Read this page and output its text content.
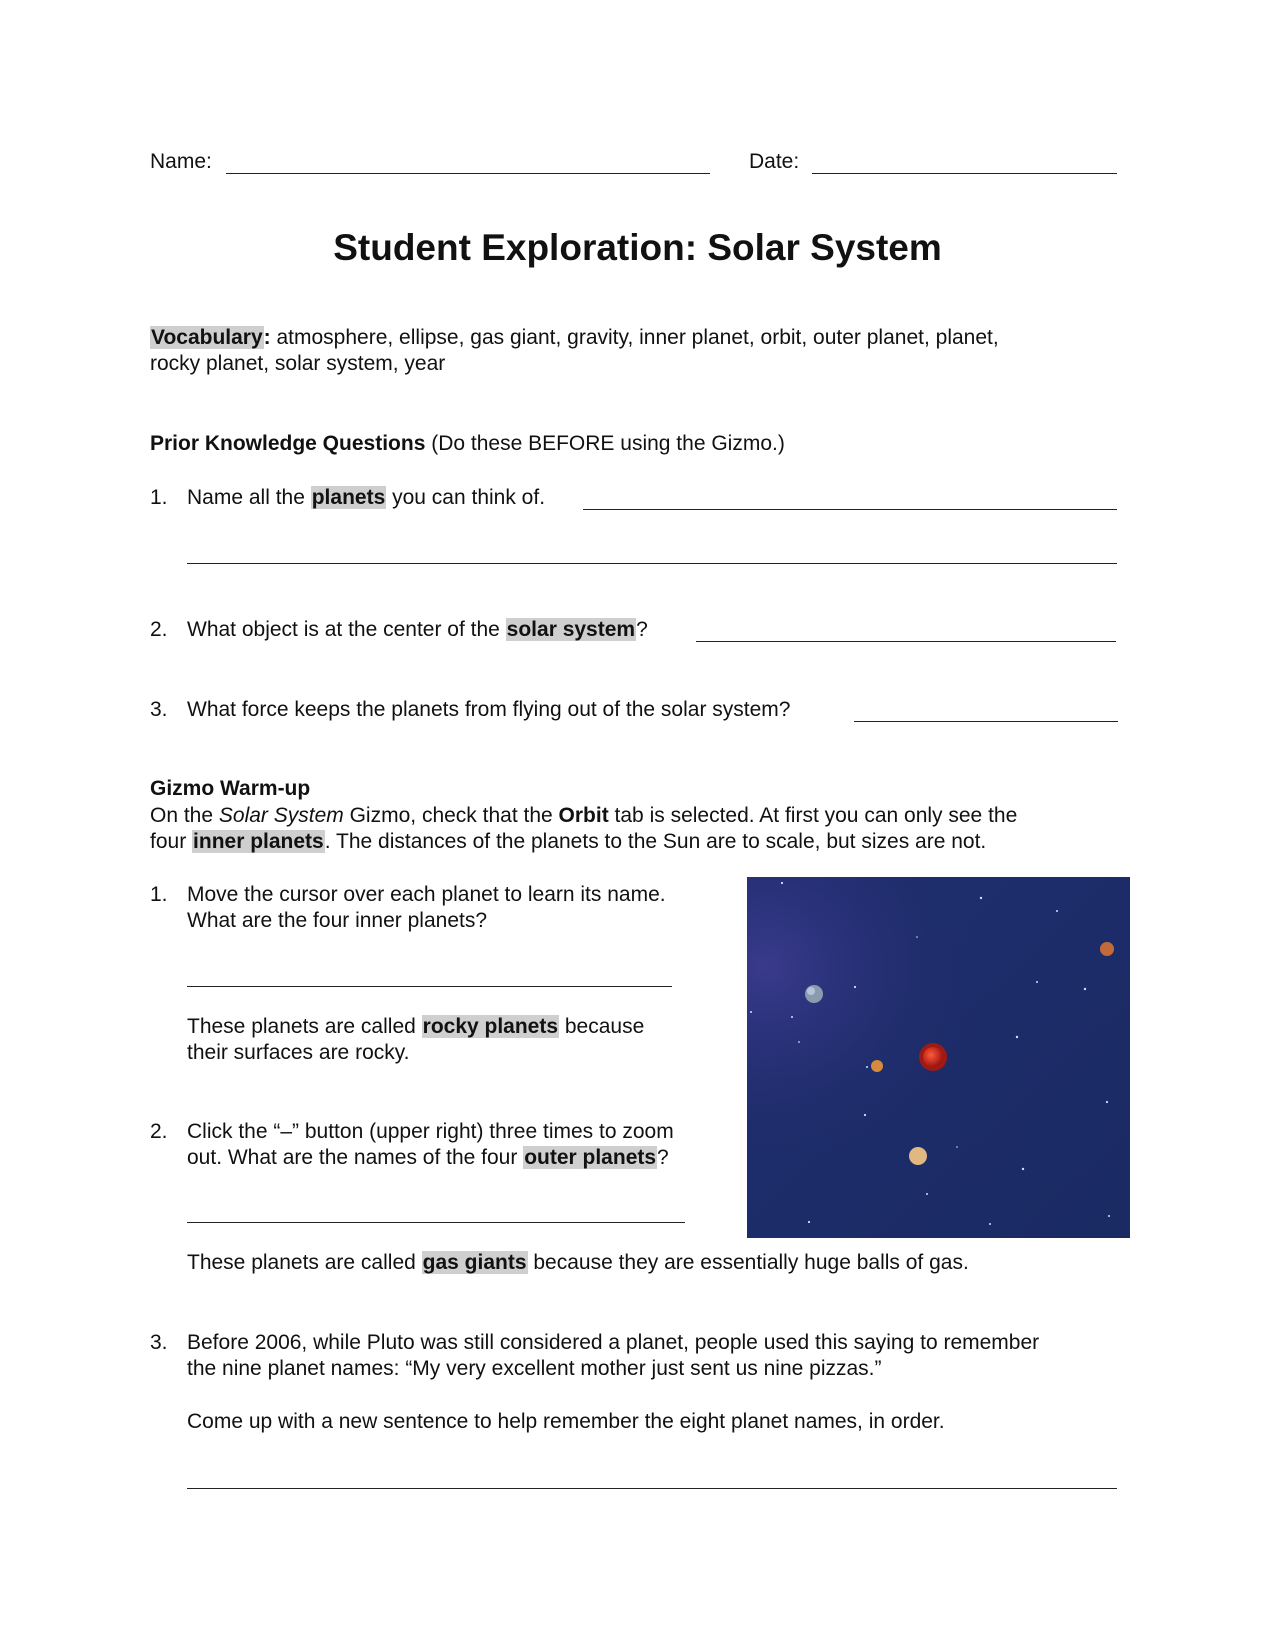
Name:	Date:
Student Exploration: Solar System
Vocabulary: atmosphere, ellipse, gas giant, gravity, inner planet, orbit, outer planet, planet,
rocky planet, solar system, year
Prior Knowledge Questions (Do these BEFORE using the Gizmo.)
1. Name all the planets you can think of.
2. What object is at the center of the solar system?
3. What force keeps the planets from flying out of the solar system?
Gizmo Warm-up
On the Solar System Gizmo, check that the Orbit tab is selected. At first you can only see the
four inner planets. The distances of the planets to the Sun are to scale, but sizes are not.
1. Move the cursor over each planet to learn its name.
What are the four inner planets?
These planets are called rocky planets because
their surfaces are rocky.
2. Click the “–” button (upper right) three times to zoom
out. What are the names of the four outer planets?
These planets are called gas giants because they are essentially huge balls of gas.
3. Before 2006, while Pluto was still considered a planet, people used this saying to remember
the nine planet names: “My very excellent mother just sent us nine pizzas.”
Come up with a new sentence to help remember the eight planet names, in order.
